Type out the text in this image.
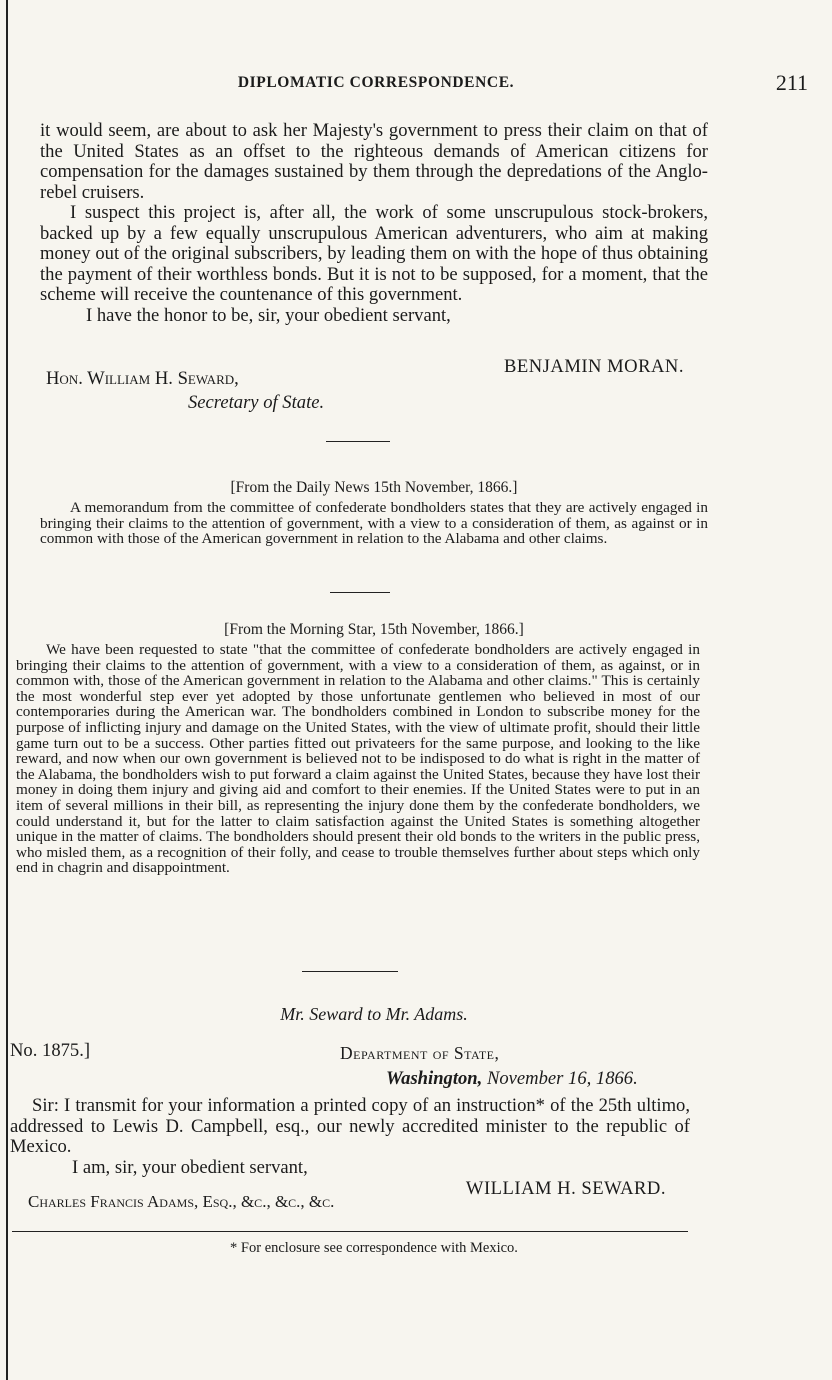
DIPLOMATIC CORRESPONDENCE.	211

it would seem, are about to ask her Majesty's government to press their claim on that of the United States as an offset to the righteous demands of American citizens for compensation for the damages sustained by them through the depredations of the Anglo-rebel cruisers.

I suspect this project is, after all, the work of some unscrupulous stock-brokers, backed up by a few equally unscrupulous American adventurers, who aim at making money out of the original subscribers, by leading them on with the hope of thus obtaining the payment of their worthless bonds. But it is not to be supposed, for a moment, that the scheme will receive the countenance of this government.

I have the honor to be, sir, your obedient servant,

BENJAMIN MORAN.
Hon. William H. Seward,
Secretary of State.
[From the Daily News 15th November, 1866.]

A memorandum from the committee of confederate bondholders states that they are actively engaged in bringing their claims to the attention of government, with a view to a consideration of them, as against or in common with those of the American government in relation to the Alabama and other claims.

[From the Morning Star, 15th November, 1866.]

We have been requested to state "that the committee of confederate bondholders are actively engaged in bringing their claims to the attention of government, with a view to a consideration of them, as against, or in common with, those of the American government in relation to the Alabama and other claims." This is certainly the most wonderful step ever yet adopted by those unfortunate gentlemen who believed in most of our contemporaries during the American war. The bondholders combined in London to subscribe money for the purpose of inflicting injury and damage on the United States, with the view of ultimate profit, should their little game turn out to be a success. Other parties fitted out privateers for the same purpose, and looking to the like reward, and now when our own government is believed not to be indisposed to do what is right in the matter of the Alabama, the bondholders wish to put forward a claim against the United States, because they have lost their money in doing them injury and giving aid and comfort to their enemies. If the United States were to put in an item of several millions in their bill, as representing the injury done them by the confederate bondholders, we could understand it, but for the latter to claim satisfaction against the United States is something altogether unique in the matter of claims. The bondholders should present their old bonds to the writers in the public press, who misled them, as a recognition of their folly, and cease to trouble themselves further about steps which only end in chagrin and disappointment.

Mr. Seward to Mr. Adams.
No. 1875.]	Department of State,
Washington, November 16, 1866.

Sir: I transmit for your information a printed copy of an instruction* of the 25th ultimo, addressed to Lewis D. Campbell, esq., our newly accredited minister to the republic of Mexico.

I am, sir, your obedient servant,

WILLIAM H. SEWARD.
Charles Francis Adams, Esq., &c., &c., &c.
* For enclosure see correspondence with Mexico.
